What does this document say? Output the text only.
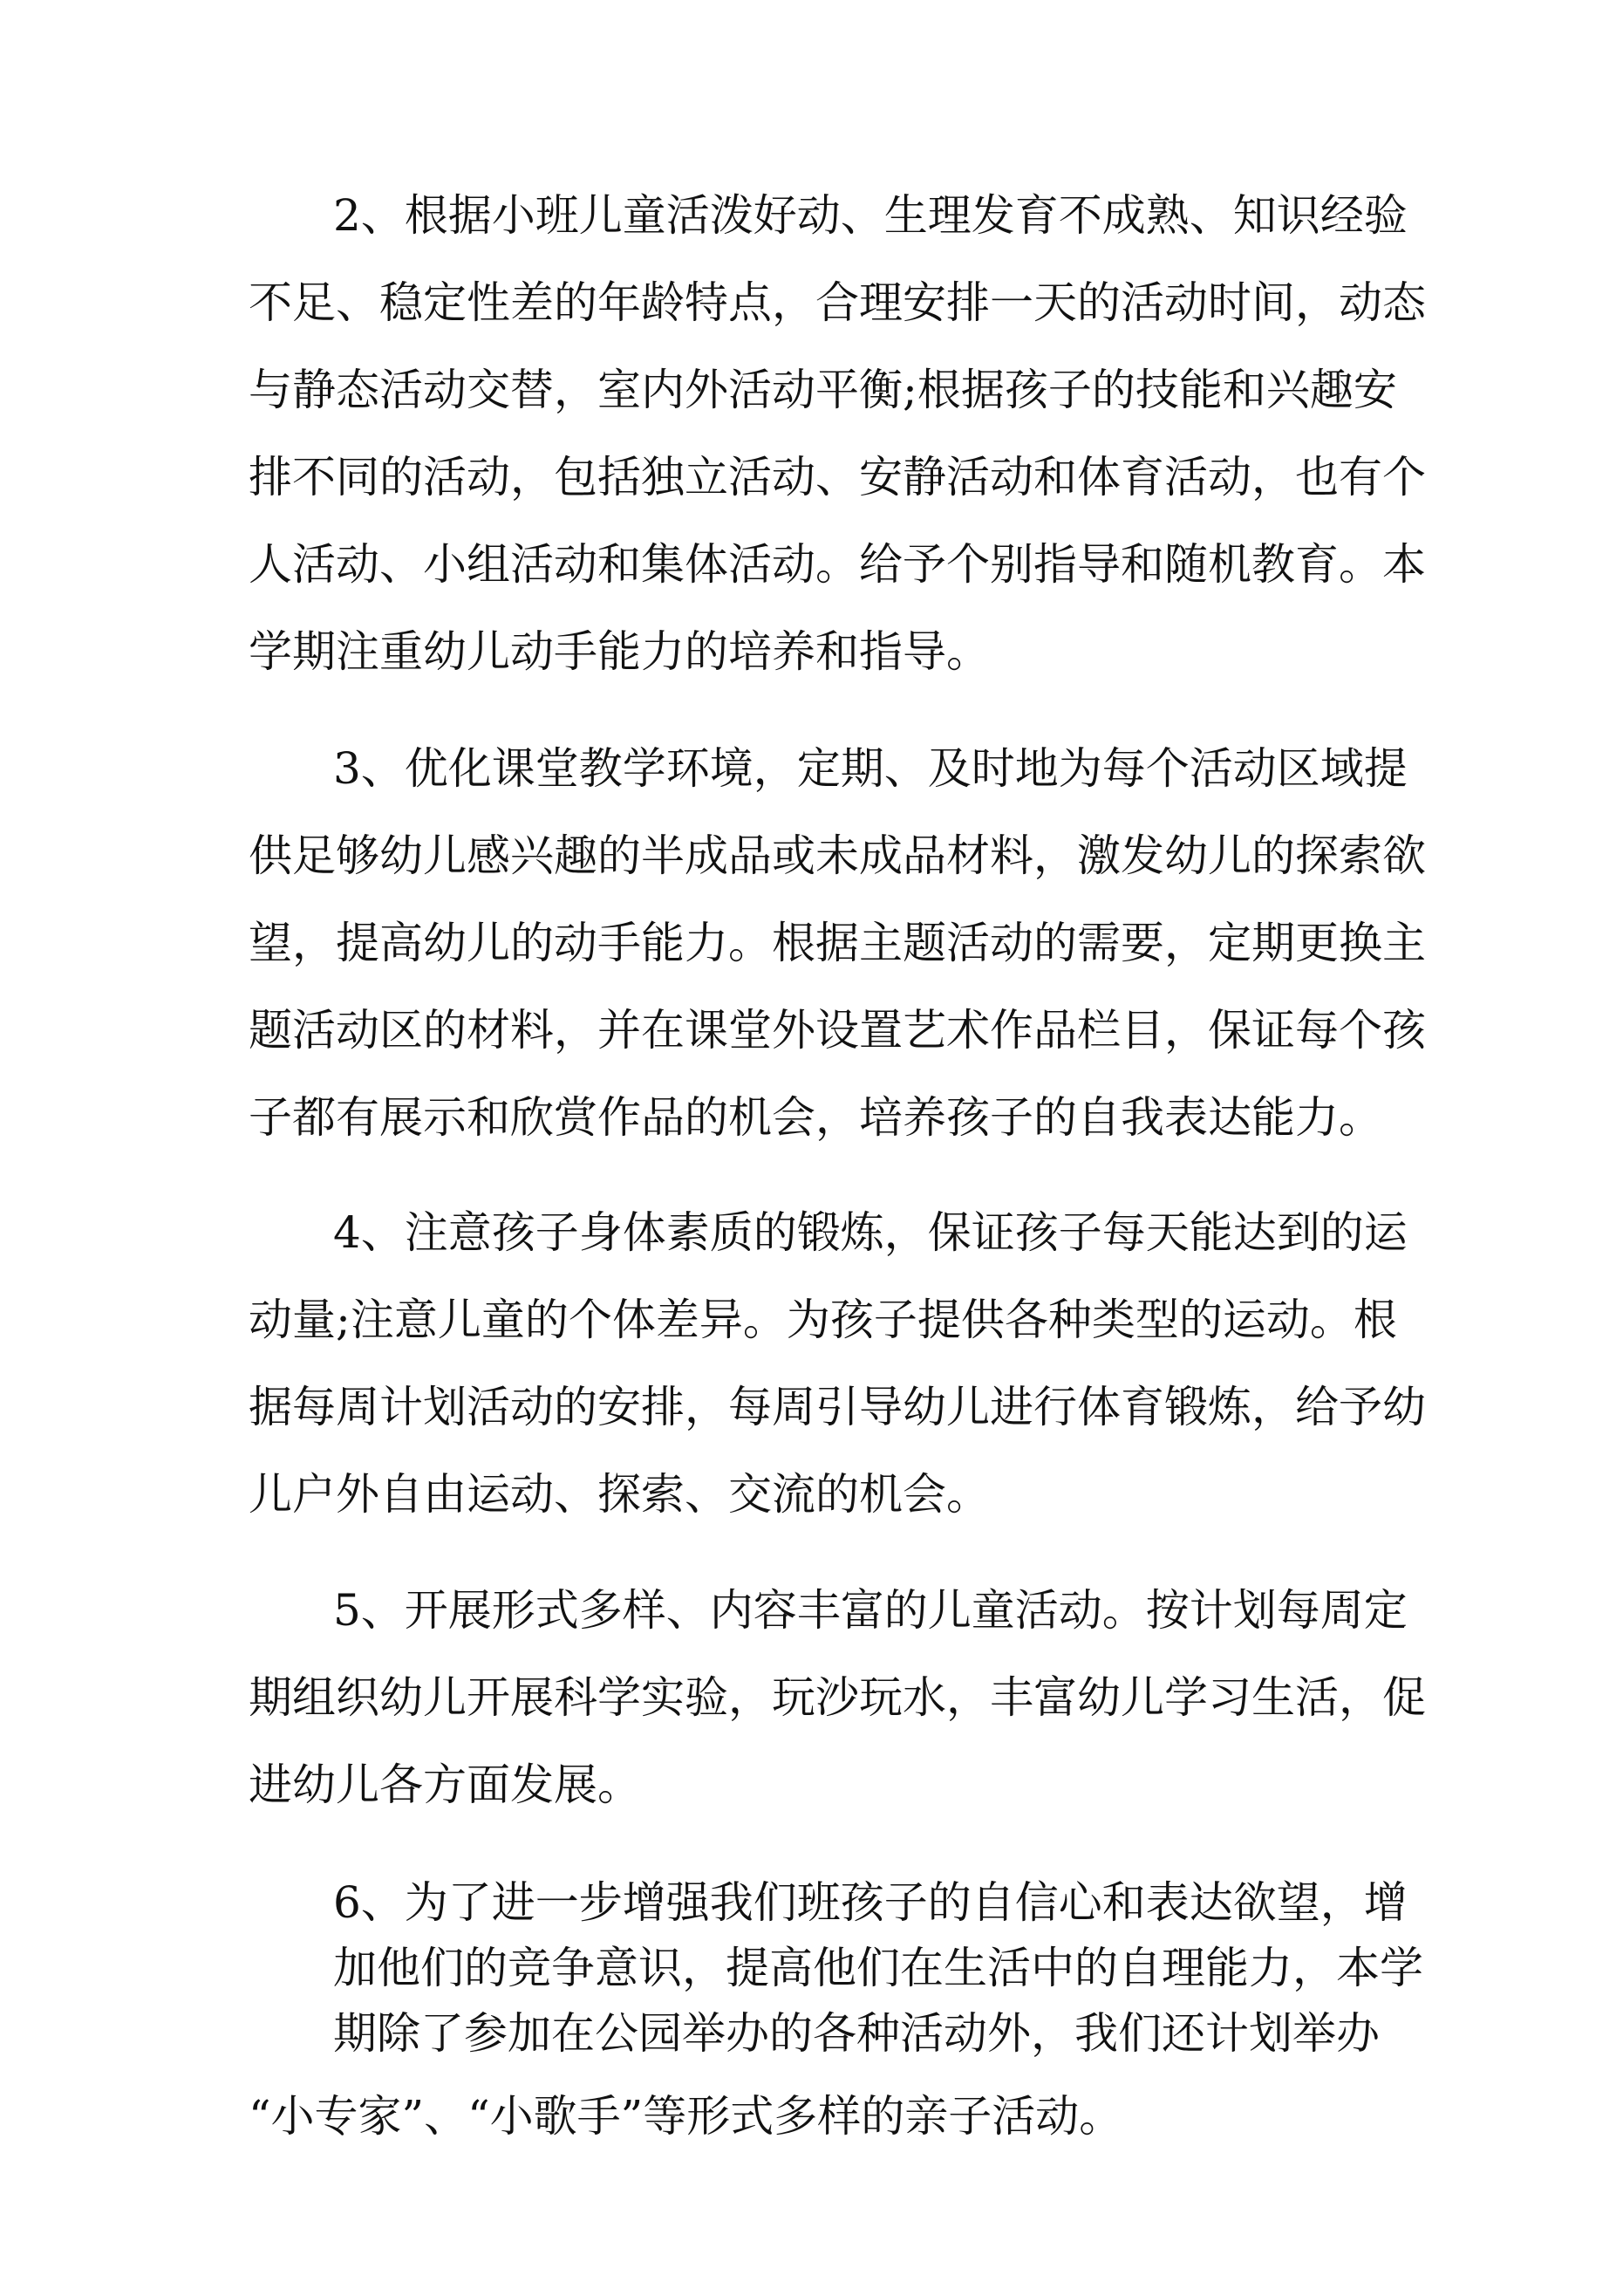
2、根据小班儿童活泼好动、生理发育不成熟、知识经验
不足、稳定性差的年龄特点，合理安排一天的活动时间，动态
与静态活动交替，室内外活动平衡;根据孩子的技能和兴趣安
排不同的活动，包括独立活动、安静活动和体育活动，也有个
人活动、小组活动和集体活动。给予个别指导和随机教育。本
学期注重幼儿动手能力的培养和指导。
3、优化课堂教学环境，定期、及时地为每个活动区域提
供足够幼儿感兴趣的半成品或未成品材料，激发幼儿的探索欲
望，提高幼儿的动手能力。根据主题活动的需要，定期更换主
题活动区的材料，并在课堂外设置艺术作品栏目，保证每个孩
子都有展示和欣赏作品的机会，培养孩子的自我表达能力。
4、注意孩子身体素质的锻炼，保证孩子每天能达到的运
动量;注意儿童的个体差异。为孩子提供各种类型的运动。根
据每周计划活动的安排，每周引导幼儿进行体育锻炼，给予幼
儿户外自由运动、探索、交流的机会。
5、开展形式多样、内容丰富的儿童活动。按计划每周定
期组织幼儿开展科学实验，玩沙玩水，丰富幼儿学习生活，促
进幼儿各方面发展。
6、为了进一步增强我们班孩子的自信心和表达欲望，增
加他们的竞争意识，提高他们在生活中的自理能力，本学
期除了参加在公园举办的各种活动外，我们还计划举办
“小专家”、“小歌手”等形式多样的亲子活动。
